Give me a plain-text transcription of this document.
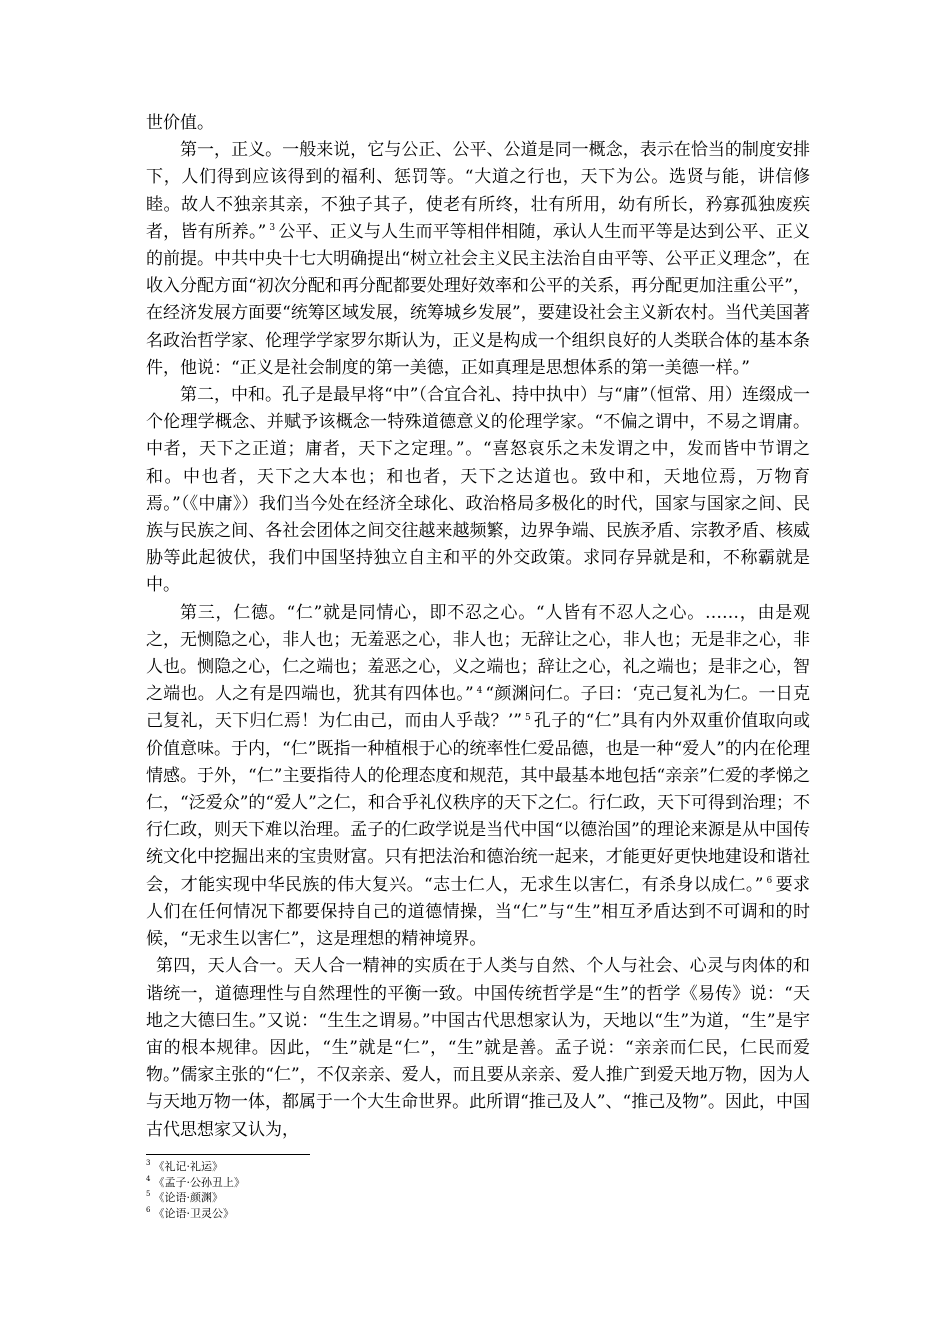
世价值。

第一，正义。一般来说，它与公正、公平、公道是同一概念，表示在恰当的制度安排下，人们得到应该得到的福利、惩罚等。“大道之行也，天下为公。选贤与能，讲信修睦。故人不独亲其亲，不独子其子，使老有所终，壮有所用，幼有所长，矜寡孤独废疾者，皆有所养。” $^3$ 公平、正义与人生而平等相伴相随，承认人生而平等是达到公平、正义的前提。中共中央十七大明确提出“树立社会主义民主法治自由平等、公平正义理念”，在收入分配方面“初次分配和再分配都要处理好效率和公平的关系，再分配更加注重公平”，在经济发展方面要“统筹区域发展，统筹城乡发展”，要建设社会主义新农村。当代美国著名政治哲学家、伦理学学家罗尔斯认为，正义是构成一个组织良好的人类联合体的基本条件，他说：“正义是社会制度的第一美德，正如真理是思想体系的第一美德一样。”

第二，中和。孔子是最早将“中”（合宜合礼、持中执中）与“庸”（恒常、用）连缀成一个伦理学概念、并赋予该概念一特殊道德意义的伦理学家。“不偏之谓中，不易之谓庸。中者，天下之正道；庸者，天下之定理。”。“喜怒哀乐之未发谓之中，发而皆中节谓之和。中也者，天下之大本也；和也者，天下之达道也。致中和，天地位焉，万物育焉。”（《中庸》）我们当今处在经济全球化、政治格局多极化的时代，国家与国家之间、民族与民族之间、各社会团体之间交往越来越频繁，边界争端、民族矛盾、宗教矛盾、核威胁等此起彼伏，我们中国坚持独立自主和平的外交政策。求同存异就是和，不称霸就是中。

第三，仁德。“仁”就是同情心，即不忍之心。“人皆有不忍人之心。……，由是观之，无恻隐之心，非人也；无羞恶之心，非人也；无辞让之心，非人也；无是非之心，非人也。恻隐之心，仁之端也；羞恶之心，义之端也；辞让之心，礼之端也；是非之心，智之端也。人之有是四端也，犹其有四体也。” $^4$ “颜渊问仁。子曰：‘克己复礼为仁。一日克己复礼，天下归仁焉！为仁由己，而由人乎哉？’” $^5$ 孔子的“仁”具有内外双重价值取向或价值意味。于内，“仁”既指一种植根于心的统率性仁爱品德，也是一种“爱人”的内在伦理情感。于外，“仁”主要指待人的伦理态度和规范，其中最基本地包括“亲亲”仁爱的孝悌之仁，“泛爱众”的“爱人”之仁，和合乎礼仪秩序的天下之仁。行仁政，天下可得到治理；不行仁政，则天下难以治理。孟子的仁政学说是当代中国“以德治国”的理论来源是从中国传统文化中挖掘出来的宝贵财富。只有把法治和德治统一起来，才能更好更快地建设和谐社会，才能实现中华民族的伟大复兴。“志士仁人，无求生以害仁，有杀身以成仁。” $^6$ 要求人们在任何情况下都要保持自己的道德情操，当“仁”与“生”相互矛盾达到不可调和的时候，“无求生以害仁”，这是理想的精神境界。

第四，天人合一。天人合一精神的实质在于人类与自然、个人与社会、心灵与肉体的和谐统一，道德理性与自然理性的平衡一致。中国传统哲学是“生”的哲学《易传》说：“天地之大德曰生。”又说：“生生之谓易。”中国古代思想家认为，天地以“生”为道，“生”是宇宙的根本规律。因此，“生”就是“仁”，“生”就是善。孟子说：“亲亲而仁民，仁民而爱物。”儒家主张的“仁”，不仅亲亲、爱人，而且要从亲亲、爱人推广到爱天地万物，因为人与天地万物一体，都属于一个大生命世界。此所谓“推己及人”、“推己及物”。因此，中国古代思想家又认为，

$^3$ 《礼记·礼运》

$^4$ 《孟子·公孙丑上》

$^5$ 《论语·颜渊》

$^6$ 《论语·卫灵公》
